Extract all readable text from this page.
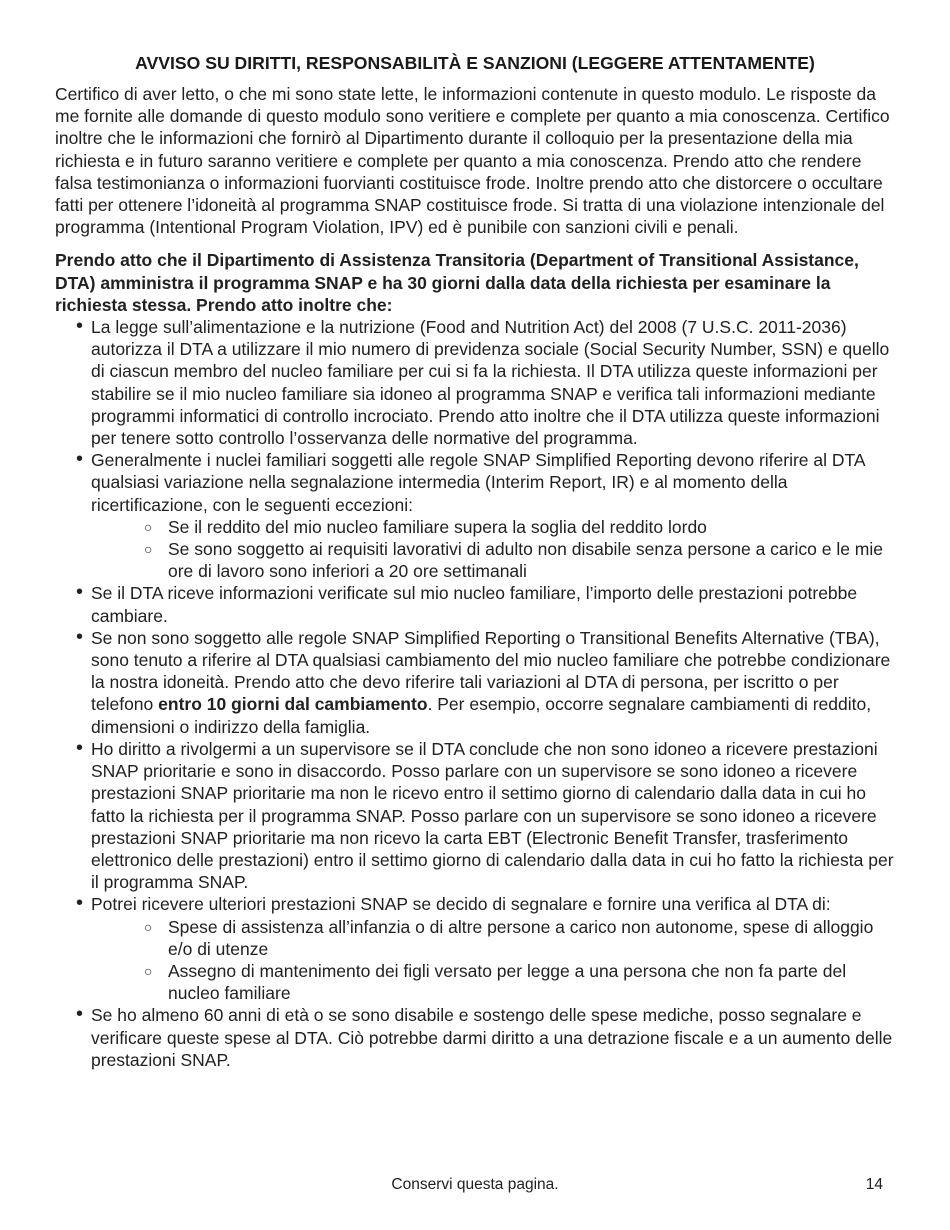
AVVISO SU DIRITTI, RESPONSABILITÀ E SANZIONI (LEGGERE ATTENTAMENTE)

Certifico di aver letto, o che mi sono state lette, le informazioni contenute in questo modulo. Le risposte da me fornite alle domande di questo modulo sono veritiere e complete per quanto a mia conoscenza. Certifico inoltre che le informazioni che fornirò al Dipartimento durante il colloquio per la presentazione della mia richiesta e in futuro saranno veritiere e complete per quanto a mia conoscenza. Prendo atto che rendere falsa testimonianza o informazioni fuorvianti costituisce frode. Inoltre prendo atto che distorcere o occultare fatti per ottenere l’idoneità al programma SNAP costituisce frode. Si tratta di una violazione intenzionale del programma (Intentional Program Violation, IPV) ed è punibile con sanzioni civili e penali.

Prendo atto che il Dipartimento di Assistenza Transitoria (Department of Transitional Assistance, DTA) amministra il programma SNAP e ha 30 giorni dalla data della richiesta per esaminare la richiesta stessa. Prendo atto inoltre che:

• La legge sull’alimentazione e la nutrizione (Food and Nutrition Act) del 2008 (7 U.S.C. 2011-2036) autorizza il DTA a utilizzare il mio numero di previdenza sociale (Social Security Number, SSN) e quello di ciascun membro del nucleo familiare per cui si fa la richiesta. Il DTA utilizza queste informazioni per stabilire se il mio nucleo familiare sia idoneo al programma SNAP e verifica tali informazioni mediante programmi informatici di controllo incrociato. Prendo atto inoltre che il DTA utilizza queste informazioni per tenere sotto controllo l’osservanza delle normative del programma.
• Generalmente i nuclei familiari soggetti alle regole SNAP Simplified Reporting devono riferire al DTA qualsiasi variazione nella segnalazione intermedia (Interim Report, IR) e al momento della ricertificazione, con le seguenti eccezioni:
○ Se il reddito del mio nucleo familiare supera la soglia del reddito lordo
○ Se sono soggetto ai requisiti lavorativi di adulto non disabile senza persone a carico e le mie ore di lavoro sono inferiori a 20 ore settimanali
• Se il DTA riceve informazioni verificate sul mio nucleo familiare, l’importo delle prestazioni potrebbe cambiare.
• Se non sono soggetto alle regole SNAP Simplified Reporting o Transitional Benefits Alternative (TBA), sono tenuto a riferire al DTA qualsiasi cambiamento del mio nucleo familiare che potrebbe condizionare la nostra idoneità. Prendo atto che devo riferire tali variazioni al DTA di persona, per iscritto o per telefono entro 10 giorni dal cambiamento. Per esempio, occorre segnalare cambiamenti di reddito, dimensioni o indirizzo della famiglia.
• Ho diritto a rivolgermi a un supervisore se il DTA conclude che non sono idoneo a ricevere prestazioni SNAP prioritarie e sono in disaccordo. Posso parlare con un supervisore se sono idoneo a ricevere prestazioni SNAP prioritarie ma non le ricevo entro il settimo giorno di calendario dalla data in cui ho fatto la richiesta per il programma SNAP. Posso parlare con un supervisore se sono idoneo a ricevere prestazioni SNAP prioritarie ma non ricevo la carta EBT (Electronic Benefit Transfer, trasferimento elettronico delle prestazioni) entro il settimo giorno di calendario dalla data in cui ho fatto la richiesta per il programma SNAP.
• Potrei ricevere ulteriori prestazioni SNAP se decido di segnalare e fornire una verifica al DTA di:
○ Spese di assistenza all’infanzia o di altre persone a carico non autonome, spese di alloggio e/o di utenze
○ Assegno di mantenimento dei figli versato per legge a una persona che non fa parte del nucleo familiare
• Se ho almeno 60 anni di età o se sono disabile e sostengo delle spese mediche, posso segnalare e verificare queste spese al DTA. Ciò potrebbe darmi diritto a una detrazione fiscale e a un aumento delle prestazioni SNAP.
Conservi questa pagina.	14
